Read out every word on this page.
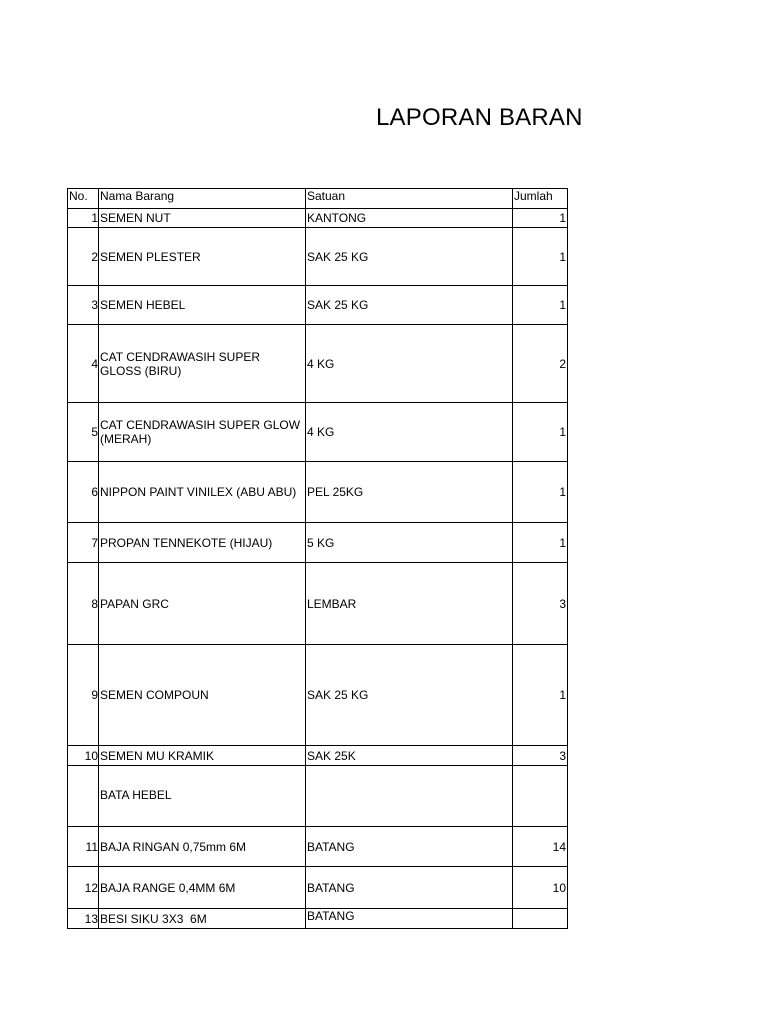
LAPORAN BARAN
No.	Nama Barang	Satuan	Jumlah
1	SEMEN NUT	KANTONG	1
2	SEMEN PLESTER	SAK 25 KG	1
3	SEMEN HEBEL	SAK 25 KG	1
4	CAT CENDRAWASIH SUPER GLOSS (BIRU)	4 KG	2
5	CAT CENDRAWASIH SUPER GLOW (MERAH)	4 KG	1
6	NIPPON PAINT VINILEX (ABU ABU)	PEL 25KG	1
7	PROPAN TENNEKOTE (HIJAU)	5 KG	1
8	PAPAN GRC	LEMBAR	3
9	SEMEN COMPOUN	SAK 25 KG	1
10	SEMEN MU KRAMIK	SAK 25K	3
	BATA HEBEL		
11	BAJA RINGAN 0,75mm 6M	BATANG	14
12	BAJA RANGE 0,4MM 6M	BATANG	10
13	BESI SIKU 3X3  6M	BATANG	
